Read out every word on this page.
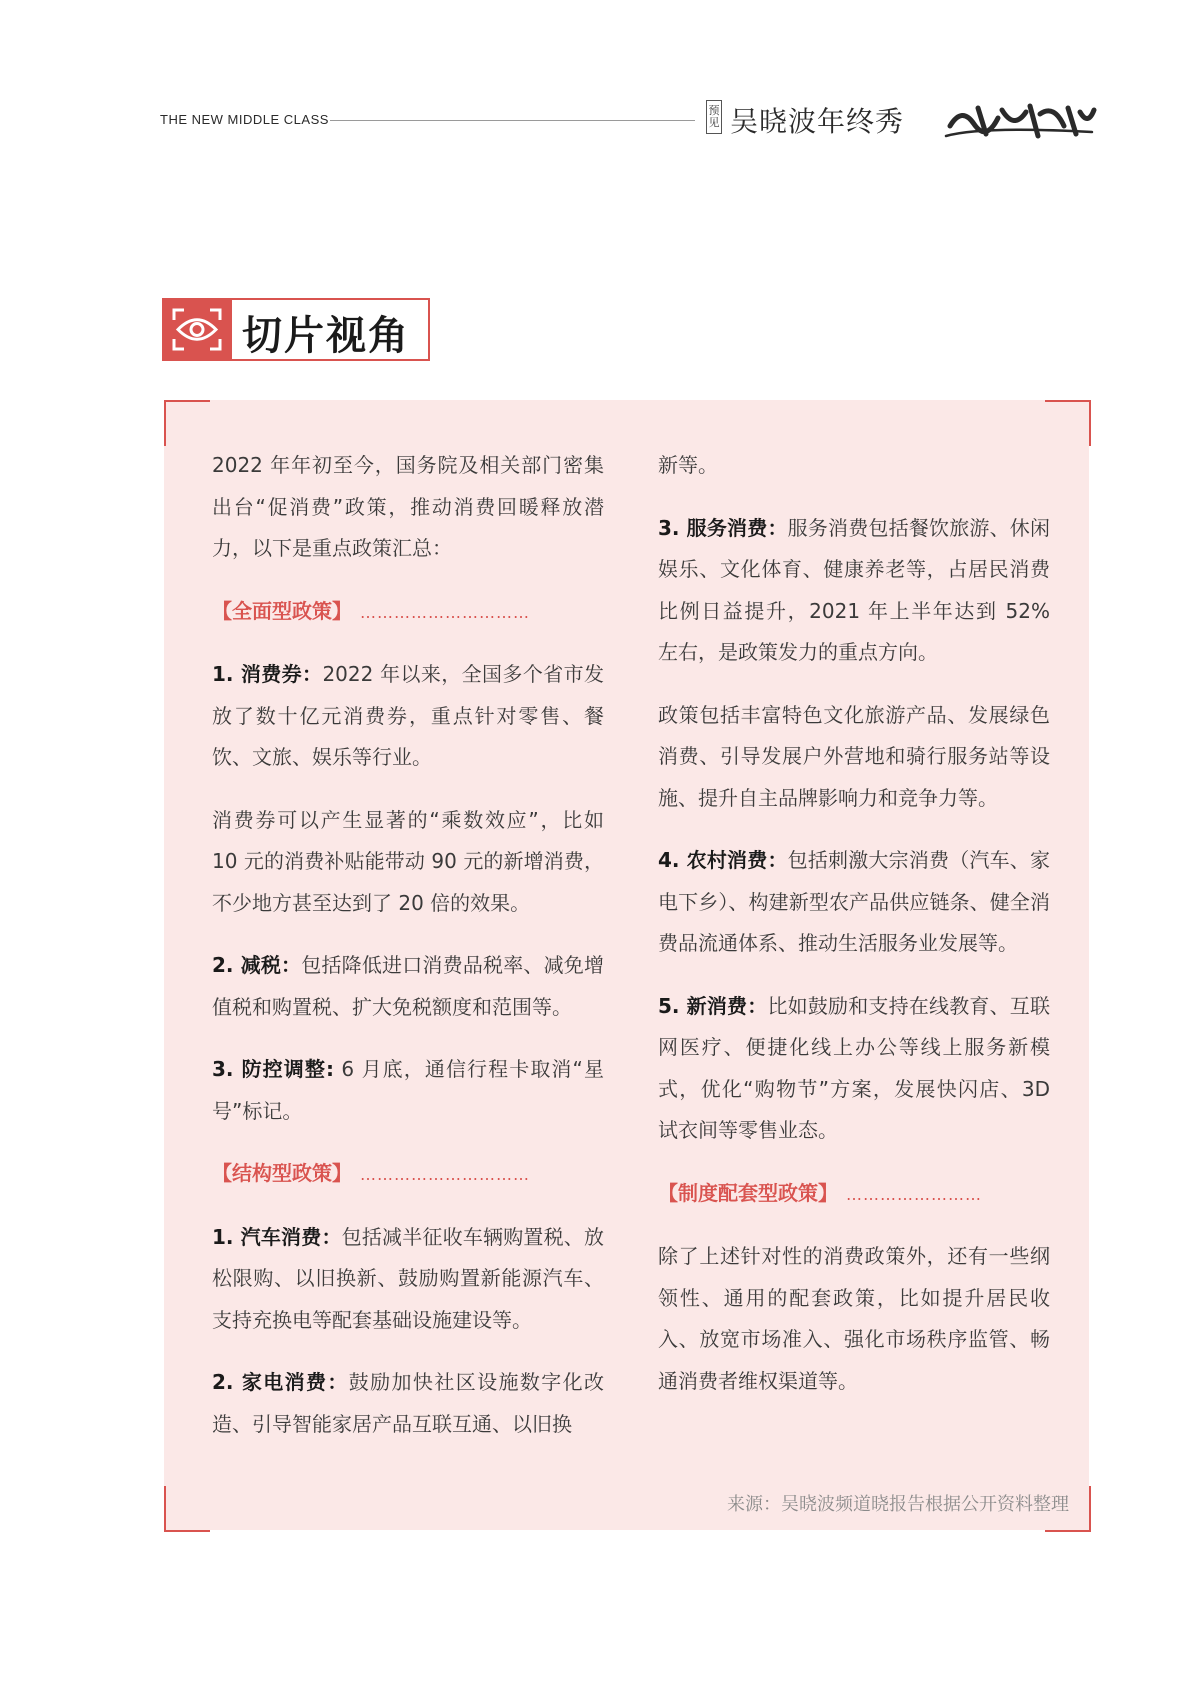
THE NEW MIDDLE CLASS
预
见 吴晓波年终秀
切片视角

2022 年年初至今，国务院及相关部门密集出台“促消费”政策，推动消费回暖释放潜力，以下是重点政策汇总：

【全面型政策】 …………………………

1. 消费券：2022 年以来，全国多个省市发放了数十亿元消费券，重点针对零售、餐饮、文旅、娱乐等行业。

消费券可以产生显著的“乘数效应”，比如 10 元的消费补贴能带动 90 元的新增消费，不少地方甚至达到了 20 倍的效果。

2. 减税：包括降低进口消费品税率、减免增值税和购置税、扩大免税额度和范围等。

3. 防控调整: 6 月底，通信行程卡取消“星号”标记。

【结构型政策】 …………………………

1. 汽车消费：包括减半征收车辆购置税、放松限购、以旧换新、鼓励购置新能源汽车、支持充换电等配套基础设施建设等。

2. 家电消费：鼓励加快社区设施数字化改造、引导智能家居产品互联互通、以旧换

新等。

3. 服务消费：服务消费包括餐饮旅游、休闲娱乐、文化体育、健康养老等，占居民消费比例日益提升，2021 年上半年达到 52% 左右，是政策发力的重点方向。

政策包括丰富特色文化旅游产品、发展绿色消费、引导发展户外营地和骑行服务站等设施、提升自主品牌影响力和竞争力等。

4. 农村消费：包括刺激大宗消费（汽车、家电下乡）、构建新型农产品供应链条、健全消费品流通体系、推动生活服务业发展等。

5. 新消费：比如鼓励和支持在线教育、互联网医疗、便捷化线上办公等线上服务新模式，优化“购物节”方案，发展快闪店、3D 试衣间等零售业态。

【制度配套型政策】 ……………………

除了上述针对性的消费政策外，还有一些纲领性、通用的配套政策，比如提升居民收入、放宽市场准入、强化市场秩序监管、畅通消费者维权渠道等。

来源：吴晓波频道晓报告根据公开资料整理
